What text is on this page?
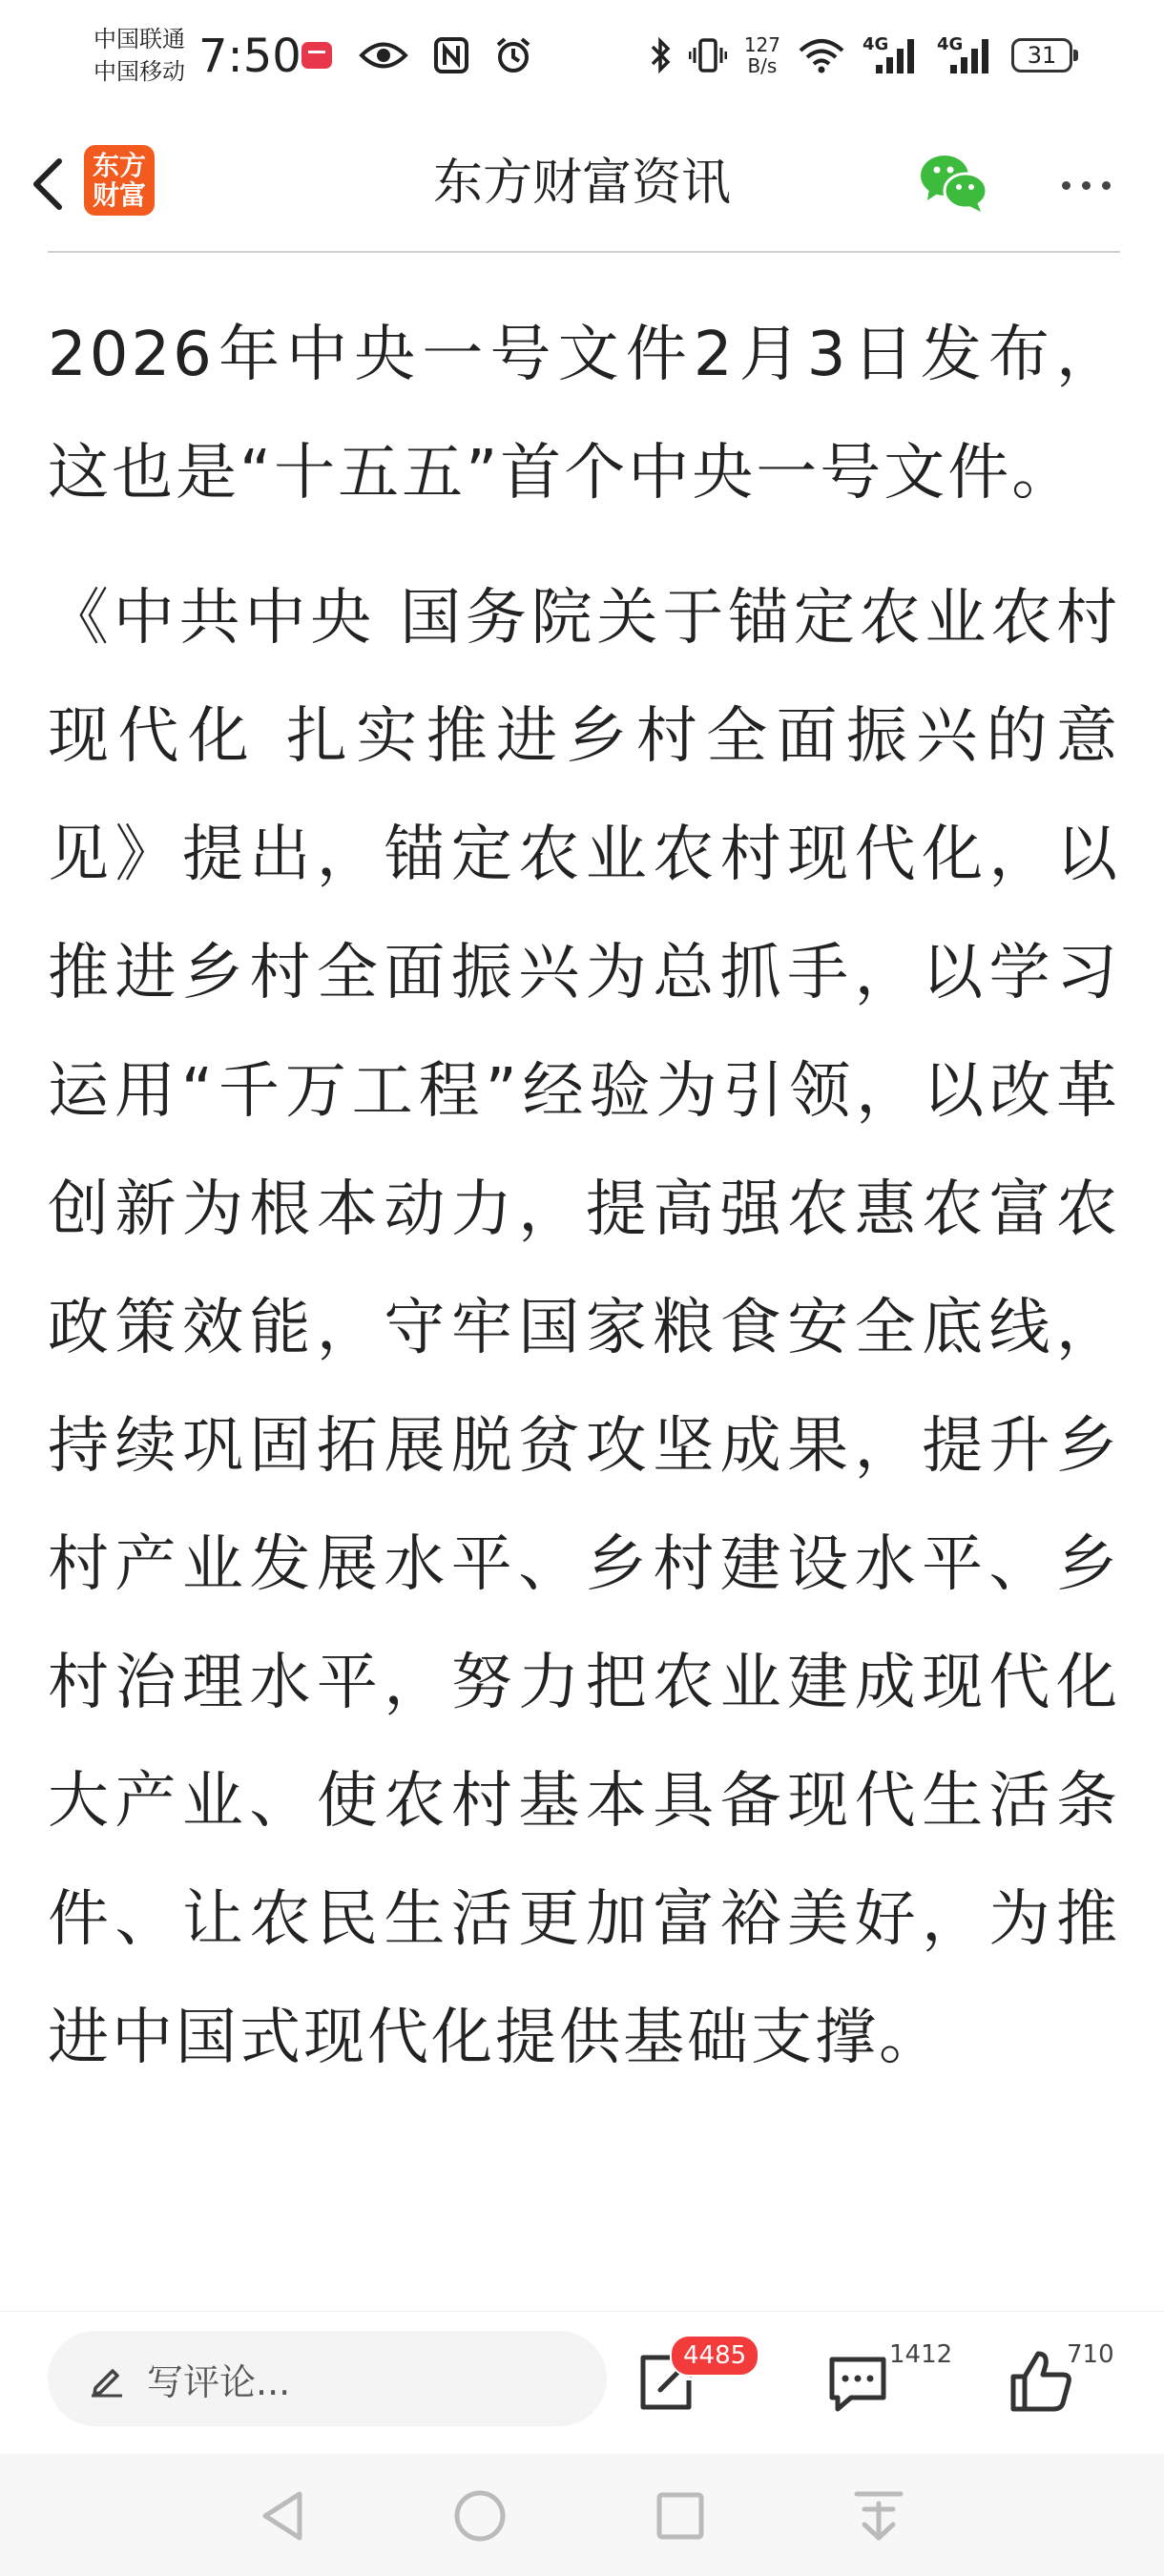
中国联通
中国移动 7:50	127
B/s
4G	4G	31
东方
财富	东方财富资讯

2026年中央一号文件2月3日发布，这也是“十五五”首个中央一号文件。

《中共中央 国务院关于锚定农业农村现代化 扎实推进乡村全面振兴的意见》提出，锚定农业农村现代化，以推进乡村全面振兴为总抓手，以学习运用“千万工程”经验为引领，以改革创新为根本动力，提高强农惠农富农政策效能，守牢国家粮食安全底线，持续巩固拓展脱贫攻坚成果，提升乡村产业发展水平、乡村建设水平、乡村治理水平，努力把农业建成现代化大产业、使农村基本具备现代生活条件、让农民生活更加富裕美好，为推进中国式现代化提供基础支撑。

写评论...
4485	1412	710
